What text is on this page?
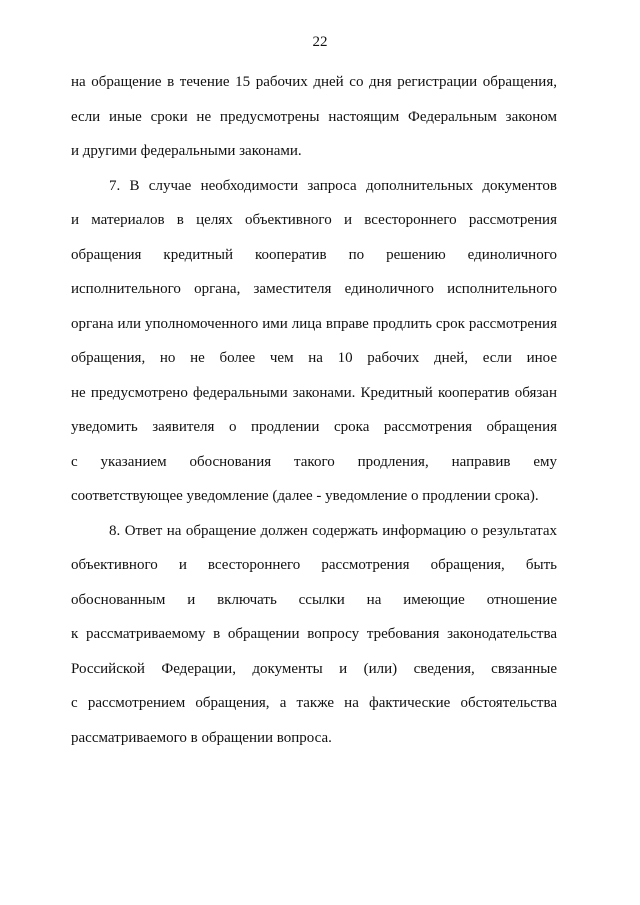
22
на обращение в течение 15 рабочих дней со дня регистрации обращения,
если иные сроки не предусмотрены настоящим Федеральным законом
и другими федеральными законами.
7. В случае необходимости запроса дополнительных документов
и материалов в целях объективного и всестороннего рассмотрения
обращения кредитный кооператив по решению единоличного
исполнительного органа, заместителя единоличного исполнительного
органа или уполномоченного ими лица вправе продлить срок рассмотрения
обращения, но не более чем на 10 рабочих дней, если иное
не предусмотрено федеральными законами. Кредитный кооператив обязан
уведомить заявителя о продлении срока рассмотрения обращения
с указанием обоснования такого продления, направив ему
соответствующее уведомление (далее - уведомление о продлении срока).
8. Ответ на обращение должен содержать информацию о результатах
объективного и всестороннего рассмотрения обращения, быть
обоснованным и включать ссылки на имеющие отношение
к рассматриваемому в обращении вопросу требования законодательства
Российской Федерации, документы и (или) сведения, связанные
с рассмотрением обращения, а также на фактические обстоятельства
рассматриваемого в обращении вопроса.
